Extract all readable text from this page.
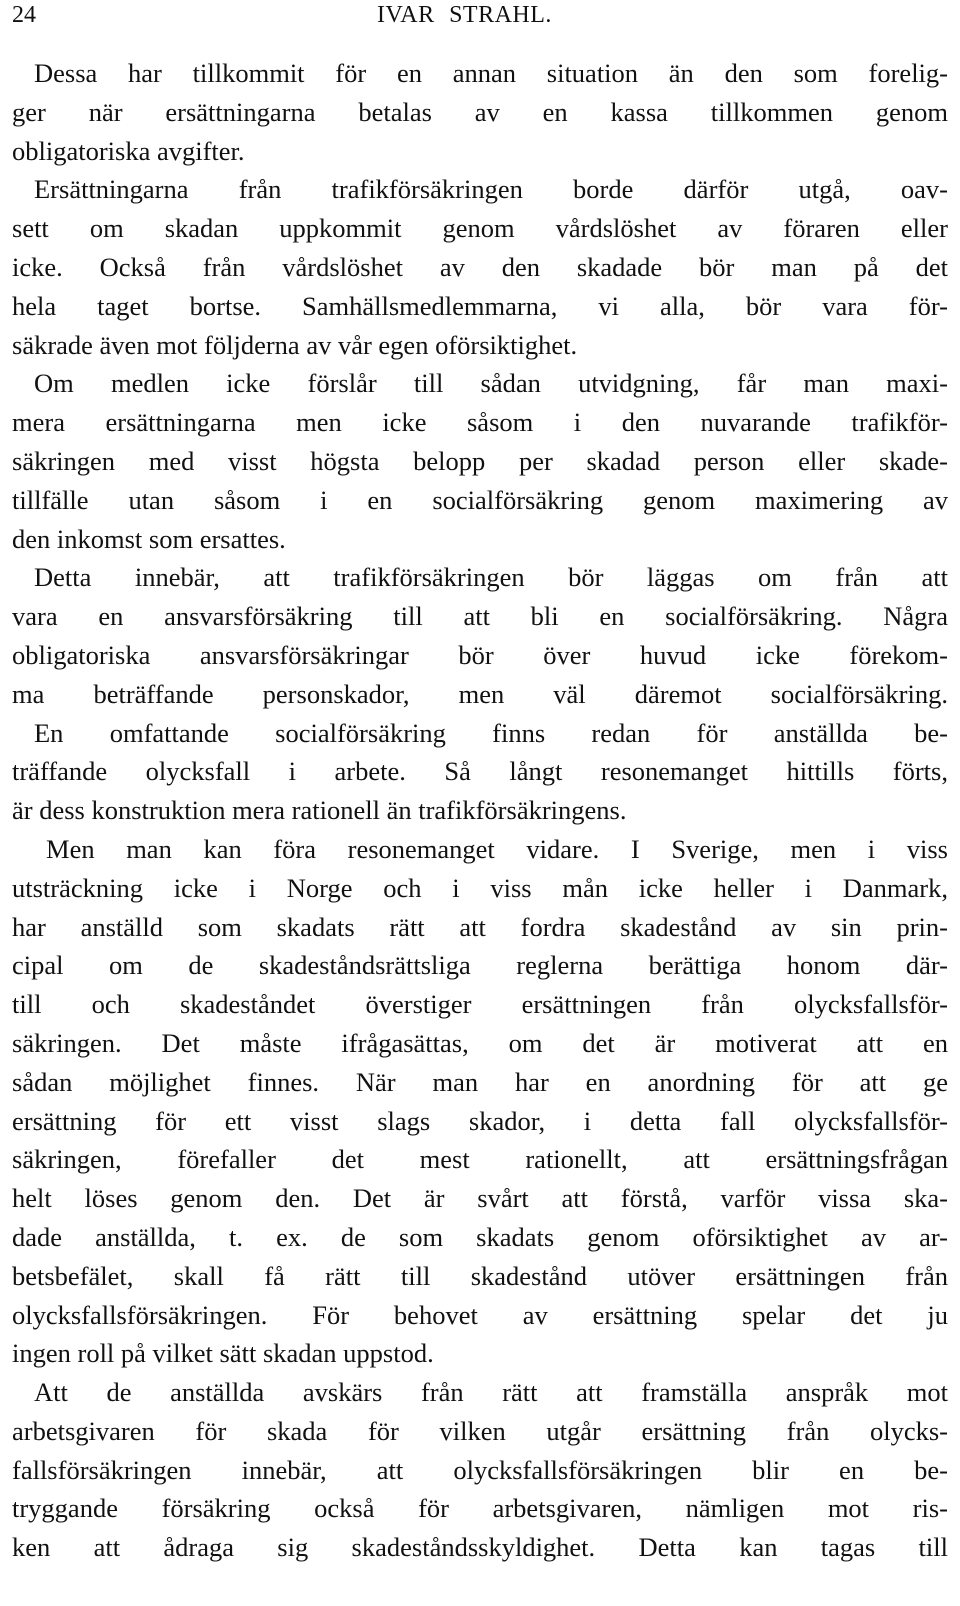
24	IVAR STRAHL.
Dessa har tillkommit för en annan situation än den som forelig-
ger när ersättningarna betalas av en kassa tillkommen genom
obligatoriska avgifter.
Ersättningarna från trafikförsäkringen borde därför utgå, oav-
sett om skadan uppkommit genom vårdslöshet av föraren eller
icke. Också från vårdslöshet av den skadade bör man på det
hela taget bortse. Samhällsmedlemmarna, vi alla, bör vara för-
säkrade även mot följderna av vår egen oförsiktighet.
Om medlen icke förslår till sådan utvidgning, får man maxi-
mera ersättningarna men icke såsom i den nuvarande trafikför-
säkringen med visst högsta belopp per skadad person eller skade-
tillfälle utan såsom i en socialförsäkring genom maximering av
den inkomst som ersattes.
Detta innebär, att trafikförsäkringen bör läggas om från att
vara en ansvarsförsäkring till att bli en socialförsäkring. Några
obligatoriska ansvarsförsäkringar bör över huvud icke förekom-
ma beträffande personskador, men väl däremot socialförsäkring.
En omfattande socialförsäkring finns redan för anställda be-
träffande olycksfall i arbete. Så långt resonemanget hittills förts,
är dess konstruktion mera rationell än trafikförsäkringens.
Men man kan föra resonemanget vidare. I Sverige, men i viss
utsträckning icke i Norge och i viss mån icke heller i Danmark,
har anställd som skadats rätt att fordra skadestånd av sin prin-
cipal om de skadeståndsrättsliga reglerna berättiga honom där-
till och skadeståndet överstiger ersättningen från olycksfallsför-
säkringen. Det måste ifrågasättas, om det är motiverat att en
sådan möjlighet finnes. När man har en anordning för att ge
ersättning för ett visst slags skador, i detta fall olycksfallsför-
säkringen, förefaller det mest rationellt, att ersättningsfrågan
helt löses genom den. Det är svårt att förstå, varför vissa ska-
dade anställda, t. ex. de som skadats genom oförsiktighet av ar-
betsbefälet, skall få rätt till skadestånd utöver ersättningen från
olycksfallsförsäkringen. För behovet av ersättning spelar det ju
ingen roll på vilket sätt skadan uppstod.
Att de anställda avskärs från rätt att framställa anspråk mot
arbetsgivaren för skada för vilken utgår ersättning från olycks-
fallsförsäkringen innebär, att olycksfallsförsäkringen blir en be-
tryggande försäkring också för arbetsgivaren, nämligen mot ris-
ken att ådraga sig skadeståndsskyldighet. Detta kan tagas till
